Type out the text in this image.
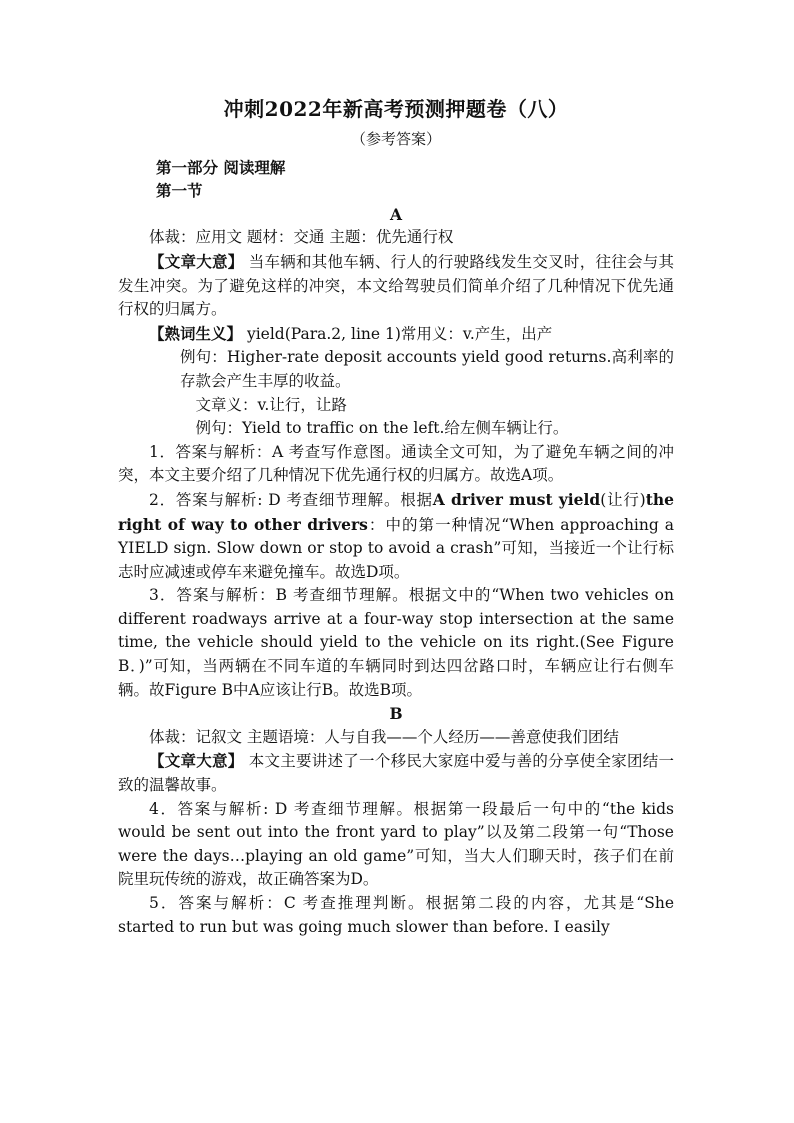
冲刺2022年新高考预测押题卷（八）
（参考答案）
第一部分 阅读理解
第一节
A

体裁：应用文 题材：交通 主题：优先通行权

【文章大意】 当车辆和其他车辆、行人的行驶路线发生交叉时，往往会与其发生冲突。为了避免这样的冲突，本文给驾驶员们简单介绍了几种情况下优先通行权的归属方。

【熟词生义】 yield(Para.2, line 1)常用义：v.产生，出产

例句：Higher-rate deposit accounts yield good returns.高利率的存款会产生丰厚的收益。

文章义：v.让行，让路

例句：Yield to traffic on the left.给左侧车辆让行。

1．答案与解析：A 考查写作意图。通读全文可知，为了避免车辆之间的冲突，本文主要介绍了几种情况下优先通行权的归属方。故选A项。

2．答案与解析: D 考查细节理解。根据A driver must yield(让行)the right of way to other drivers：中的第一种情况“When approaching a YIELD sign. Slow down or stop to avoid a crash”可知，当接近一个让行标志时应减速或停车来避免撞车。故选D项。

3．答案与解析：B 考查细节理解。根据文中的“When two vehicles on different roadways arrive at a four-way stop intersection at the same time, the vehicle should yield to the vehicle on its right.(See Figure B．)”可知，当两辆在不同车道的车辆同时到达四岔路口时，车辆应让行右侧车辆。故Figure B中A应该让行B。故选B项。

B

体裁：记叙文 主题语境：人与自我——个人经历——善意使我们团结

【文章大意】 本文主要讲述了一个移民大家庭中爱与善的分享使全家团结一致的温馨故事。

4．答案与解析: D 考查细节理解。根据第一段最后一句中的“the kids would be sent out into the front yard to play”以及第二段第一句“Those were the days…playing an old game”可知，当大人们聊天时，孩子们在前院里玩传统的游戏，故正确答案为D。

5．答案与解析：C 考查推理判断。根据第二段的内容，尤其是“She started to run but was going much slower than before. I easily
